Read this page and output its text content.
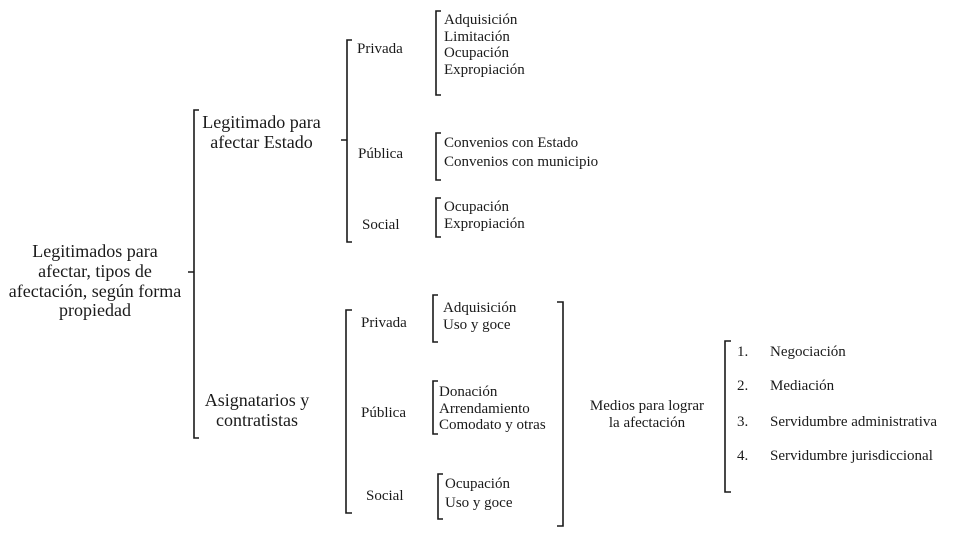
Legitimados para
afectar, tipos de
afectación, según forma
propiedad
Legitimado para
afectar Estado
Asignatarios y
contratistas
Privada
Pública
Social
Privada
Pública
Social
Adquisición
Limitación
Ocupación
Expropiación
Convenios con Estado
Convenios con municipio
Ocupación
Expropiación
Adquisición
Uso y goce
Donación
Arrendamiento
Comodato y otras
Ocupación
Uso y goce
Medios para lograr
la afectación
1. Negociación
2. Mediación
3. Servidumbre administrativa
4. Servidumbre jurisdiccional
